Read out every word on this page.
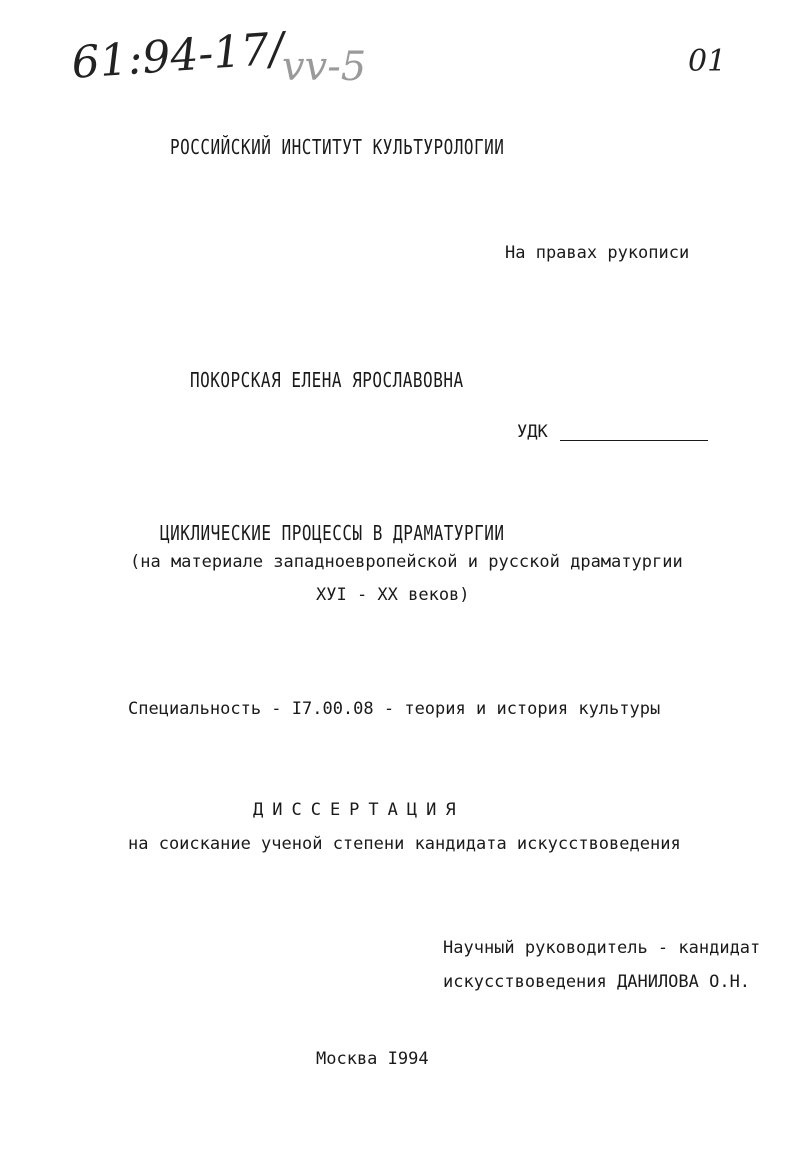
61:94-17/
ⅴⅴ-5	01
РОССИЙСКИЙ ИНСТИТУТ КУЛЬТУРОЛОГИИ
На правах рукописи
ПОКОРСКАЯ ЕЛЕНА ЯРОСЛАВОВНА
УДК
ЦИКЛИЧЕСКИЕ ПРОЦЕССЫ В ДРАМАТУРГИИ
(на материале западноевропейской и русской драматургии
ХУI - XX веков)
Специальность - I7.00.08 - теория и история культуры
ДИССЕРТАЦИЯ
на соискание ученой степени кандидата искусствоведения
Научный руководитель - кандидат
искусствоведения ДАНИЛОВА О.Н.
Москва I994
